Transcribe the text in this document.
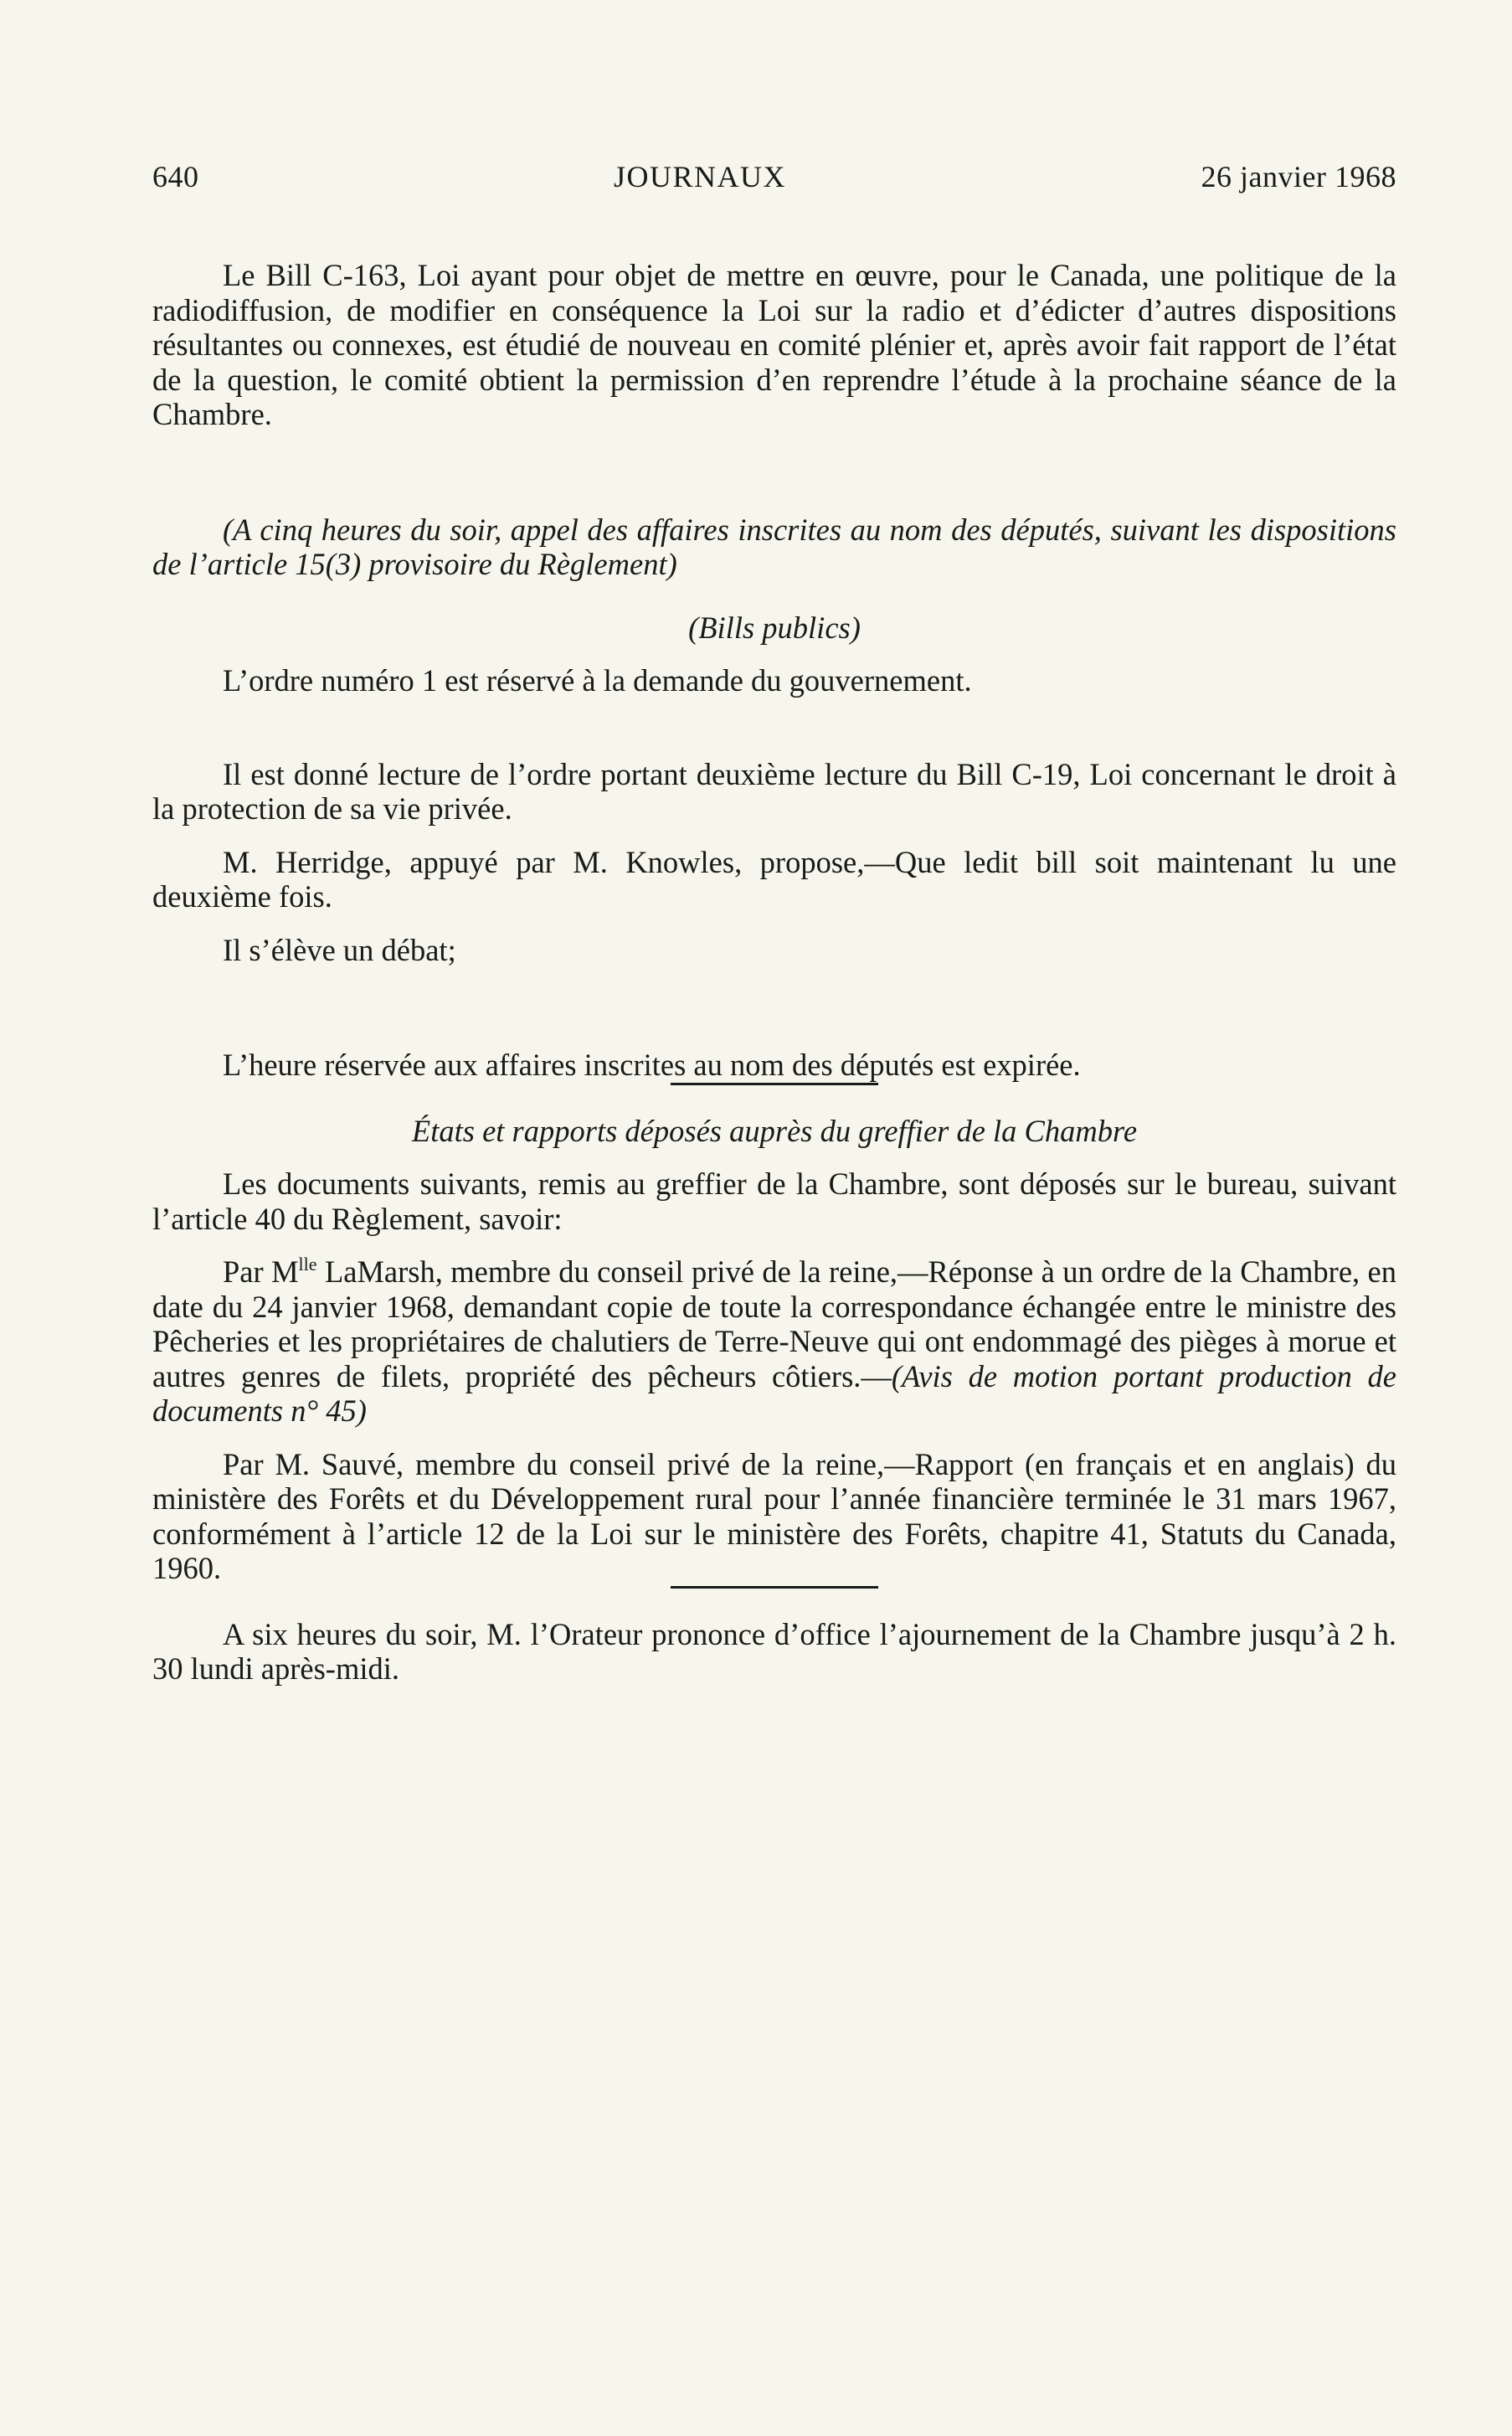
640	JOURNAUX	26 janvier 1968

Le Bill C-163, Loi ayant pour objet de mettre en œuvre, pour le Canada, une politique de la radiodiffusion, de modifier en conséquence la Loi sur la radio et d’édicter d’autres dispositions résultantes ou connexes, est étudié de nouveau en comité plénier et, après avoir fait rapport de l’état de la question, le comité obtient la permission d’en reprendre l’étude à la prochaine séance de la Chambre.

(A cinq heures du soir, appel des affaires inscrites au nom des députés, suivant les dispositions de l’article 15(3) provisoire du Règlement)

(Bills publics)

L’ordre numéro 1 est réservé à la demande du gouvernement.

Il est donné lecture de l’ordre portant deuxième lecture du Bill C-19, Loi concernant le droit à la protection de sa vie privée.

M. Herridge, appuyé par M. Knowles, propose,—Que ledit bill soit maintenant lu une deuxième fois.

Il s’élève un débat;

L’heure réservée aux affaires inscrites au nom des députés est expirée.

États et rapports déposés auprès du greffier de la Chambre

Les documents suivants, remis au greffier de la Chambre, sont déposés sur le bureau, suivant l’article 40 du Règlement, savoir:

Par $M^{lle}$ LaMarsh, membre du conseil privé de la reine,—Réponse à un ordre de la Chambre, en date du 24 janvier 1968, demandant copie de toute la correspondance échangée entre le ministre des Pêcheries et les propriétaires de chalutiers de Terre-Neuve qui ont endommagé des pièges à morue et autres genres de filets, propriété des pêcheurs côtiers.—(Avis de motion portant production de documents n° 45)

Par M. Sauvé, membre du conseil privé de la reine,—Rapport (en français et en anglais) du ministère des Forêts et du Développement rural pour l’année financière terminée le 31 mars 1967, conformément à l’article 12 de la Loi sur le ministère des Forêts, chapitre 41, Statuts du Canada, 1960.

A six heures du soir, M. l’Orateur prononce d’office l’ajournement de la Chambre jusqu’à 2 h. 30 lundi après-midi.
